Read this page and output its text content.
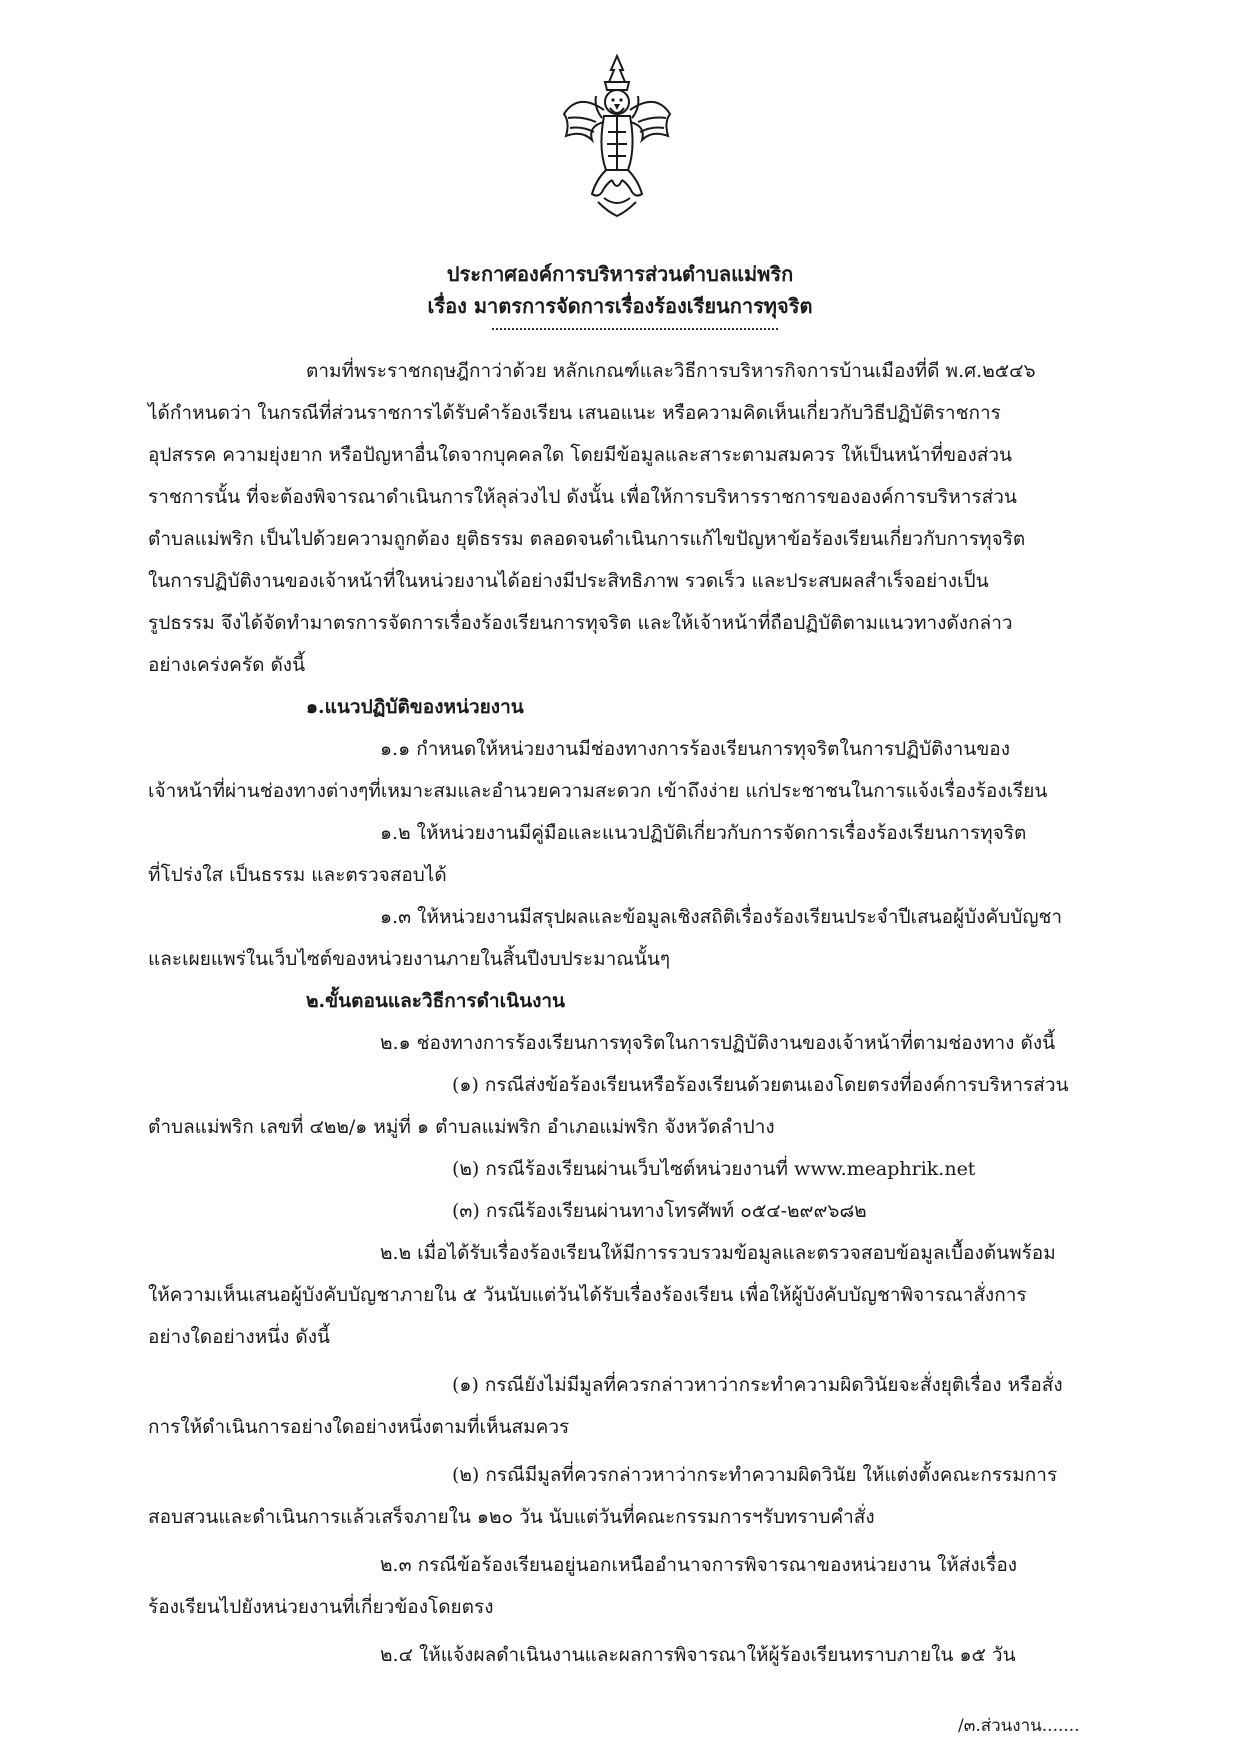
ประกาศองค์การบริหารส่วนตำบลแม่พริก
เรื่อง มาตรการจัดการเรื่องร้องเรียนการทุจริต
ตามที่พระราชกฤษฎีกาว่าด้วย หลักเกณฑ์และวิธีการบริหารกิจการบ้านเมืองที่ดี พ.ศ.๒๕๔๖
ได้กำหนดว่า ในกรณีที่ส่วนราชการได้รับคำร้องเรียน เสนอแนะ หรือความคิดเห็นเกี่ยวกับวิธีปฏิบัติราชการ
อุปสรรค ความยุ่งยาก หรือปัญหาอื่นใดจากบุคคลใด โดยมีข้อมูลและสาระตามสมควร ให้เป็นหน้าที่ของส่วน
ราชการนั้น ที่จะต้องพิจารณาดำเนินการให้ลุล่วงไป ดังนั้น เพื่อให้การบริหารราชการขององค์การบริหารส่วน
ตำบลแม่พริก เป็นไปด้วยความถูกต้อง ยุติธรรม ตลอดจนดำเนินการแก้ไขปัญหาข้อร้องเรียนเกี่ยวกับการทุจริต
ในการปฏิบัติงานของเจ้าหน้าที่ในหน่วยงานได้อย่างมีประสิทธิภาพ รวดเร็ว และประสบผลสำเร็จอย่างเป็น
รูปธรรม จึงได้จัดทำมาตรการจัดการเรื่องร้องเรียนการทุจริต และให้เจ้าหน้าที่ถือปฏิบัติตามแนวทางดังกล่าว
อย่างเคร่งครัด ดังนี้
๑.แนวปฏิบัติของหน่วยงาน
๑.๑ กำหนดให้หน่วยงานมีช่องทางการร้องเรียนการทุจริตในการปฏิบัติงานของ
เจ้าหน้าที่ผ่านช่องทางต่างๆที่เหมาะสมและอำนวยความสะดวก เข้าถึงง่าย แก่ประชาชนในการแจ้งเรื่องร้องเรียน
๑.๒ ให้หน่วยงานมีคู่มือและแนวปฏิบัติเกี่ยวกับการจัดการเรื่องร้องเรียนการทุจริต
ที่โปร่งใส เป็นธรรม และตรวจสอบได้
๑.๓ ให้หน่วยงานมีสรุปผลและข้อมูลเชิงสถิติเรื่องร้องเรียนประจำปีเสนอผู้บังคับบัญชา
และเผยแพร่ในเว็บไซต์ของหน่วยงานภายในสิ้นปีงบประมาณนั้นๆ
๒.ขั้นตอนและวิธีการดำเนินงาน
๒.๑ ช่องทางการร้องเรียนการทุจริตในการปฏิบัติงานของเจ้าหน้าที่ตามช่องทาง ดังนี้
(๑) กรณีส่งข้อร้องเรียนหรือร้องเรียนด้วยตนเองโดยตรงที่องค์การบริหารส่วน
ตำบลแม่พริก เลขที่ ๔๒๒/๑ หมู่ที่ ๑ ตำบลแม่พริก อำเภอแม่พริก จังหวัดลำปาง
(๒) กรณีร้องเรียนผ่านเว็บไซต์หน่วยงานที่ www.meaphrik.net
(๓) กรณีร้องเรียนผ่านทางโทรศัพท์ ๐๕๔-๒๙๙๖๘๒
๒.๒ เมื่อได้รับเรื่องร้องเรียนให้มีการรวบรวมข้อมูลและตรวจสอบข้อมูลเบื้องต้นพร้อม
ให้ความเห็นเสนอผู้บังคับบัญชาภายใน ๕ วันนับแต่วันได้รับเรื่องร้องเรียน เพื่อให้ผู้บังคับบัญชาพิจารณาสั่งการ
อย่างใดอย่างหนึ่ง ดังนี้
(๑) กรณียังไม่มีมูลที่ควรกล่าวหาว่ากระทำความผิดวินัยจะสั่งยุติเรื่อง หรือสั่ง
การให้ดำเนินการอย่างใดอย่างหนึ่งตามที่เห็นสมควร
(๒) กรณีมีมูลที่ควรกล่าวหาว่ากระทำความผิดวินัย ให้แต่งตั้งคณะกรรมการ
สอบสวนและดำเนินการแล้วเสร็จภายใน ๑๒๐ วัน นับแต่วันที่คณะกรรมการฯรับทราบคำสั่ง
๒.๓ กรณีข้อร้องเรียนอยู่นอกเหนืออำนาจการพิจารณาของหน่วยงาน ให้ส่งเรื่อง
ร้องเรียนไปยังหน่วยงานที่เกี่ยวข้องโดยตรง
๒.๔ ให้แจ้งผลดำเนินงานและผลการพิจารณาให้ผู้ร้องเรียนทราบภายใน ๑๕ วัน
/๓.ส่วนงาน.......
